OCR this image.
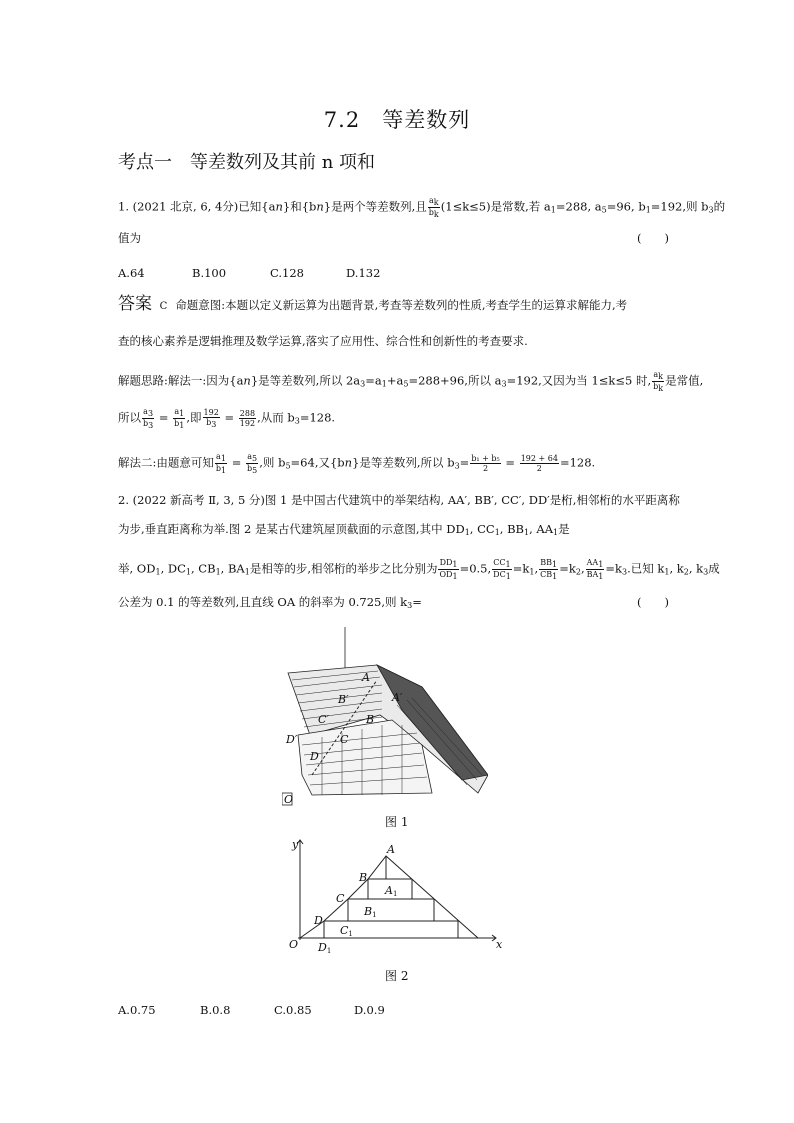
7.2　等差数列
考点一　等差数列及其前 n 项和
1. (2021 北京, 6, 4分)已知{an}和{bn}是两个等差数列,且 $\frac{a_k}{b_k} (1\le k\le 5)$是常数,若 $a_1=288$, $a_5=96$, $b_1=192$,则 $b_3$的
值为	(　　)
A.64	B.100	C.128	D.132
答案 C 命题意图:本题以定义新运算为出题背景,考查等差数列的性质,考查学生的运算求解能力,考
查的核心素养是逻辑推理及数学运算,落实了应用性、综合性和创新性的考查要求.
解题思路:解法一:因为{an}是等差数列,所以 $2a_3=a_1+a_5=288+96$,所以 $a_3=192$,又因为当 1≤k≤5 时, $\frac{a_k}{b_k}$ 是常值,
所以 $\frac{a_3}{b_3} = \frac{a_1}{b_1}$ ,即 $\frac{192}{b_3} = \frac{288}{192}$ ,从而 $b_3=128$.
解法二:由题意可知 $\frac{a_1}{b_1} = \frac{a_5}{b_5}$ ,则 $b_5=64$,又{bn}是等差数列,所以 $b_3= \frac{\text{b₁ + b₅}}{2} = \frac{192 + 64}{2} =128$.
2. (2022 新高考 Ⅱ, 3, 5 分)图 1 是中国古代建筑中的举架结构, AA′, BB′, CC′, DD′是桁,相邻桁的水平距离称
为步,垂直距离称为举.图 2 是某古代建筑屋顶截面的示意图,其中 $DD_1$, $CC_1$, $BB_1$, $AA_1$是
举, $OD_1$, $DC_1$, $CB_1$, $BA_1$是相等的步,相邻桁的举步之比分别为 $\frac{DD_1}{OD_1} =0.5$, $\frac{CC_1}{DC_1} =k_1$, $\frac{BB_1}{CB_1} =k_2$, $\frac{AA_1}{BA_1} =k_3$.已知 $k_1$, $k_2$, $k_3$成
公差为 0.1 的等差数列,且直线 OA 的斜率为 0.725,则 $k_3=$	(　　)
A
A′
B′
B
C′
C
D′
D
O
图 1
y
x
O
A
B
C
D
A1
B1
C1
D1
图 2
A.0.75	B.0.8	C.0.85	D.0.9
